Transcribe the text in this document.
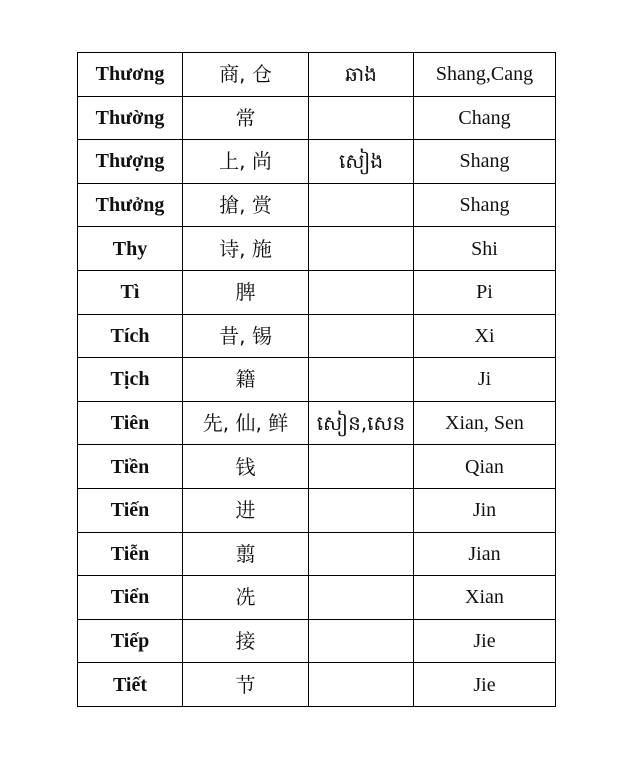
Thương	商, 仓	ឆាង	Shang,Cang
Thường	常		Chang
Thượng	上, 尚	សៀង	Shang
Thưởng	搶, 赏		Shang
Thy	诗, 施		Shi
Tì	脾		Pi
Tích	昔, 锡		Xi
Tịch	籍		Ji
Tiên	先, 仙, 鲜	សៀន,សេន	Xian, Sen
Tiền	钱		Qian
Tiến	进		Jin
Tiễn	翦		Jian
Tiển	冼		Xian
Tiếp	接		Jie
Tiết	节		Jie
